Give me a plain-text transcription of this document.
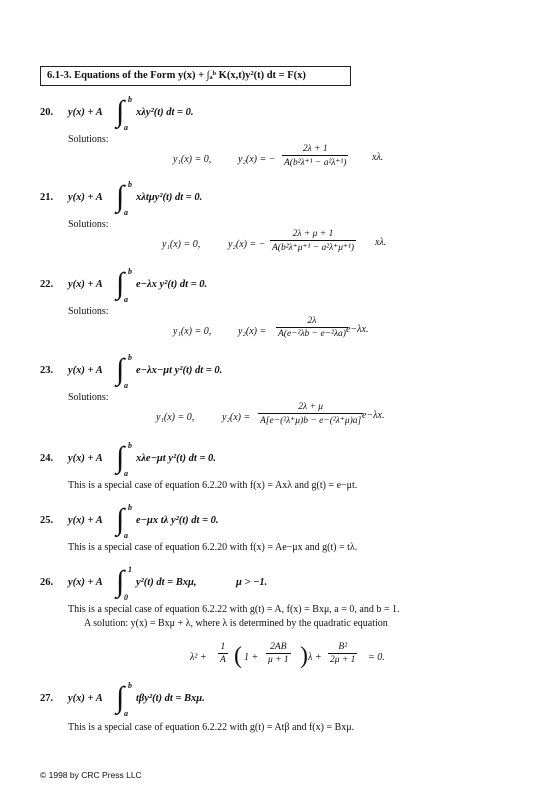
6.1-3. Equations of the Form y(x) + ∫ₐᵇ K(x,t)y²(t) dt = F(x)
20.	y(x) + A ∫ b
a
xλy²(t) dt = 0.
Solutions:
y₁(x) = 0,	y₂(x) = − $\frac{2\lambda + 1}{\text{A(b²λ⁺¹ − a²λ⁺¹)}} x\lambda$.
21.	y(x) + A ∫ b
a
xλtμy²(t) dt = 0.
Solutions:
y₁(x) = 0,	y₂(x) = − $\frac{2\lambda + \mu + 1}{\text{A(b²λ⁺μ⁺¹ − a²λ⁺μ⁺¹)}} x\lambda$.
22.	y(x) + A ∫ b
a
e−λx y²(t) dt = 0.
Solutions:
y₁(x) = 0,	$y_2(x) = \frac{2\lambda}{\text{A(e−²λb − e−²λa)}}$
e−λx.
23.	y(x) + A ∫ b
a
e−λx−μt y²(t) dt = 0.
Solutions:
y₁(x) = 0,	$y_2(x) = \frac{2\lambda + \mu}{\text{A[e−(²λ⁺μ)b − e−(²λ⁺μ)a]}}$
e−λx.
24.	y(x) + A ∫ b
a
xλe−μt y²(t) dt = 0.
This is a special case of equation 6.2.20 with f(x) = Axλ and g(t) = e−μt.
25.	y(x) + A ∫ b
a
e−μx tλ y²(t) dt = 0.
This is a special case of equation 6.2.20 with f(x) = Ae−μx and g(t) = tλ.
26.	y(x) + A ∫ 1
0
y²(t) dt = Bxμ,	μ > −1.
This is a special case of equation 6.2.22 with g(t) = A, f(x) = Bxμ, a = 0, and b = 1.
A solution: y(x) = Bxμ + λ, where λ is determined by the quadratic equation
$\lambda^2 + \frac{1}{A}$ ( $1 + \frac{2AB}{\mu + 1}$ ) $\lambda + \frac{\text{B²}}{2\mu + 1} = 0$.
27.	y(x) + A ∫ b
a
tβy²(t) dt = Bxμ.
This is a special case of equation 6.2.22 with g(t) = Atβ and f(x) = Bxμ.
© 1998 by CRC Press LLC
